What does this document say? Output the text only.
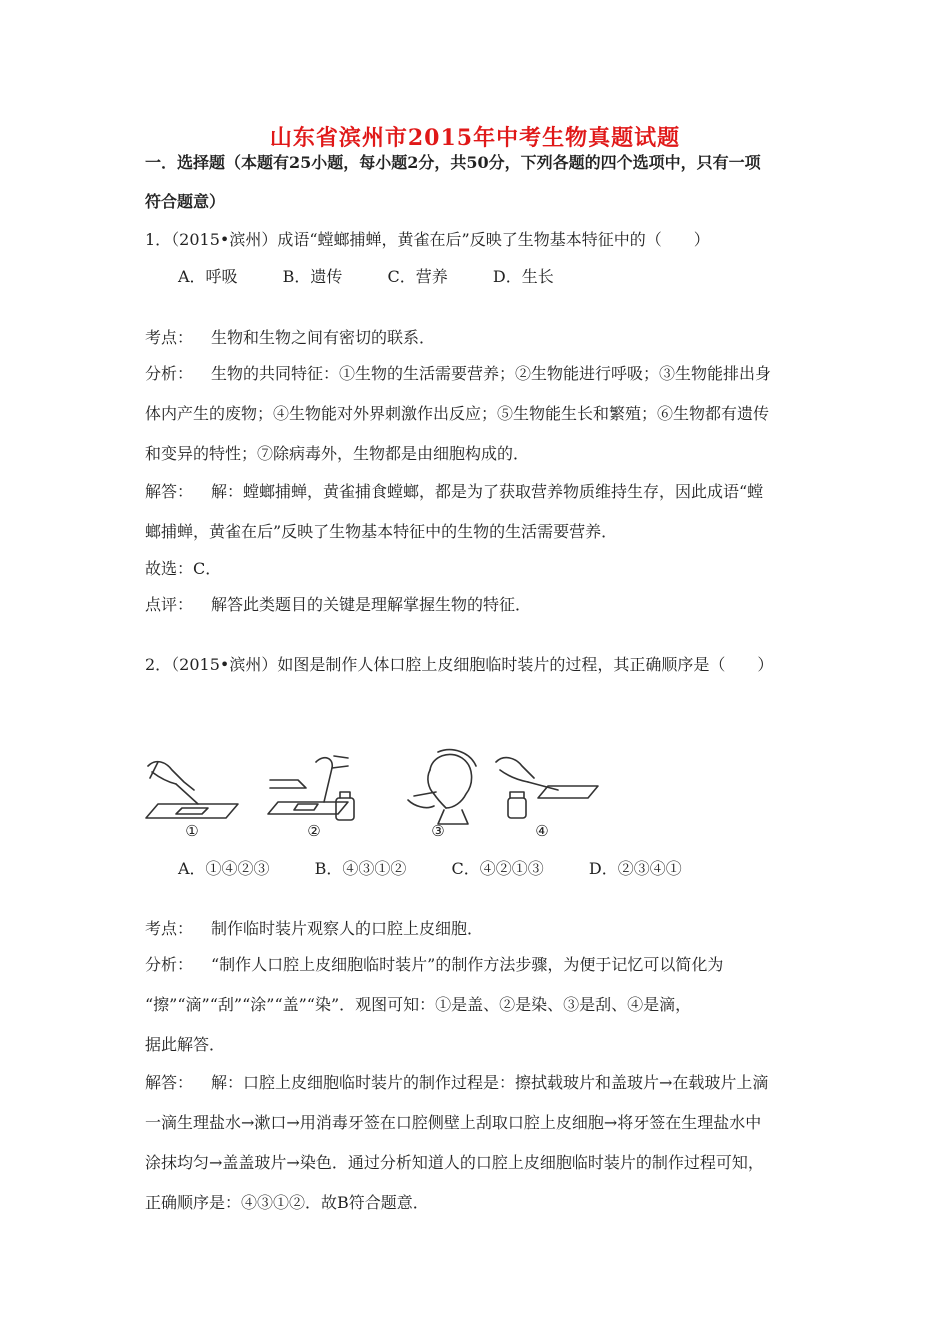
山东省滨州市2015年中考生物真题试题
一．选择题（本题有25小题，每小题2分，共50分，下列各题的四个选项中，只有一项
符合题意）
1．（2015•滨州）成语“螳螂捕蝉，黄雀在后”反映了生物基本特征中的（　　）
A．呼吸	B．遗传	C．营养	D．生长
考点： 生物和生物之间有密切的联系．
分析： 生物的共同特征：①生物的生活需要营养；②生物能进行呼吸；③生物能排出身
体内产生的废物；④生物能对外界刺激作出反应；⑤生物能生长和繁殖；⑥生物都有遗传
和变异的特性；⑦除病毒外，生物都是由细胞构成的．
解答： 解：螳螂捕蝉，黄雀捕食螳螂，都是为了获取营养物质维持生存，因此成语“螳
螂捕蝉，黄雀在后”反映了生物基本特征中的生物的生活需要营养．
故选：C．
点评： 解答此类题目的关键是理解掌握生物的特征．
2．（2015•滨州）如图是制作人体口腔上皮细胞临时装片的过程，其正确顺序是（　　）
①	②	③	④
A．①④②③	B．④③①②	C．④②①③	D．②③④①
考点： 制作临时装片观察人的口腔上皮细胞．
分析： “制作人口腔上皮细胞临时装片”的制作方法步骤，为便于记忆可以简化为
“擦”“滴”“刮”“涂”“盖”“染”．观图可知：①是盖、②是染、③是刮、④是滴，
据此解答．
解答： 解：口腔上皮细胞临时装片的制作过程是：擦拭载玻片和盖玻片→在载玻片上滴
一滴生理盐水→漱口→用消毒牙签在口腔侧壁上刮取口腔上皮细胞→将牙签在生理盐水中
涂抹均匀→盖盖玻片→染色．通过分析知道人的口腔上皮细胞临时装片的制作过程可知，
正确顺序是：④③①②．故B符合题意．
